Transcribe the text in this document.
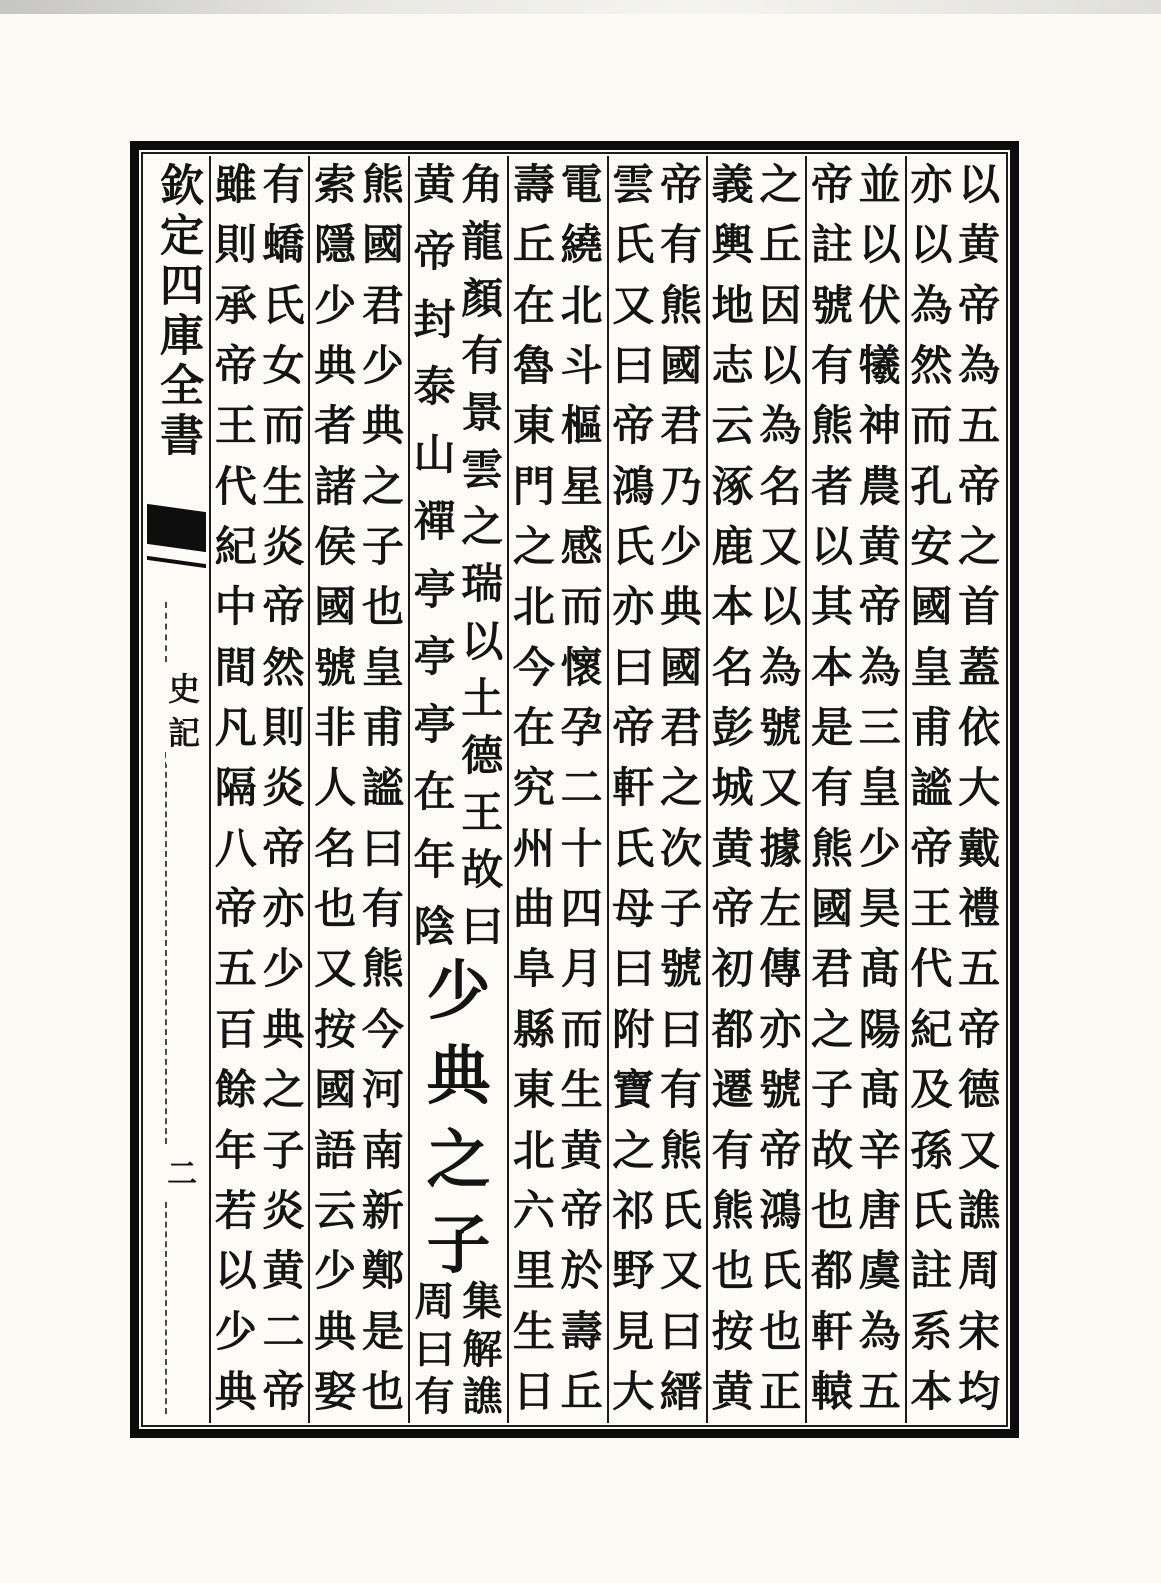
以
黄
帝
為
五
帝
之
首
蓋
依
大
戴
禮
五
帝
德
又
譙
周
宋
均
亦
以
為
然
而
孔
安
國
皇
甫
謐
帝
王
代
紀
及
孫
氏
註
系
本
並
以
伏
犧
神
農
黄
帝
為
三
皇
少
昊
髙
陽
髙
辛
唐
虞
為
五
帝
註
號
有
熊
者
以
其
本
是
有
熊
國
君
之
子
故
也
都
軒
轅
之
丘
因
以
為
名
又
以
為
號
又
據
左
傳
亦
號
帝
鴻
氏
也
正
義
輿
地
志
云
涿
鹿
本
名
彭
城
黄
帝
初
都
遷
有
熊
也
按
黄
帝
有
熊
國
君
乃
少
典
國
君
之
次
子
號
曰
有
熊
氏
又
曰
縉
雲
氏
又
曰
帝
鴻
氏
亦
曰
帝
軒
氏
母
曰
附
寶
之
祁
野
見
大
電
繞
北
斗
樞
星
感
而
懷
孕
二
十
四
月
而
生
黄
帝
於
壽
丘
壽
丘
在
魯
東
門
之
北
今
在
究
州
曲
阜
縣
東
北
六
里
生
日
角
龍
顏
有
景
雲
之
瑞
以
土
德
王
故
曰
黄
帝
封
泰
山
禪
亭
亭
亭
在
年
陰
少
典
之
子
集
解
譙
周
曰
有
熊
國
君
少
典
之
子
也
皇
甫
謐
曰
有
熊
今
河
南
新
鄭
是
也
索
隱
少
典
者
諸
侯
國
號
非
人
名
也
又
按
國
語
云
少
典
娶
有
蟜
氏
女
而
生
炎
帝
然
則
炎
帝
亦
少
典
之
子
炎
黄
二
帝
雖
則
承
帝
王
代
紀
中
間
凡
隔
八
帝
五
百
餘
年
若
以
少
典
欽定四庫全書
史記
二
